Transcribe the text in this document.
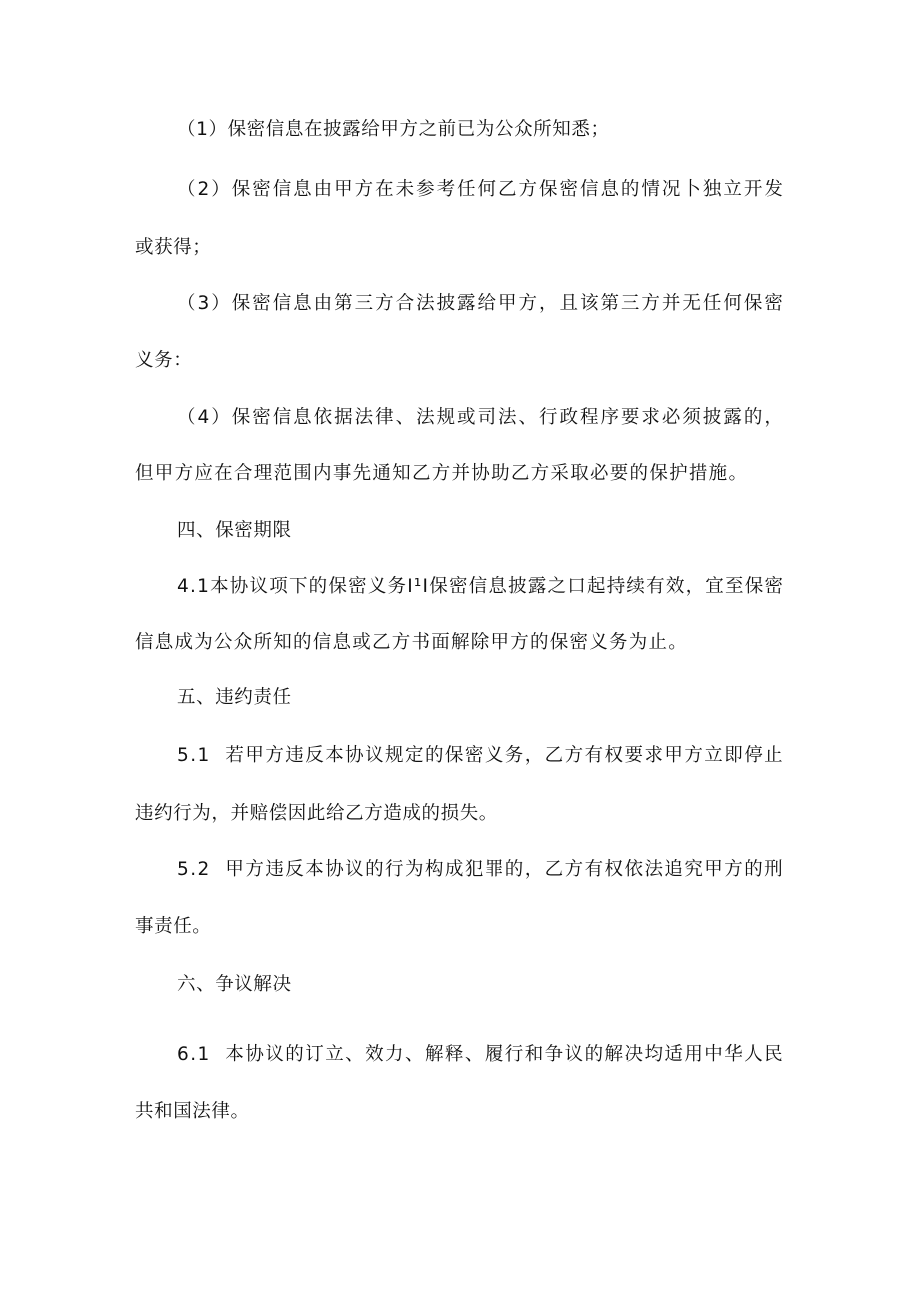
（1）保密信息在披露给甲方之前已为公众所知悉；
（ 2 ） 保 密 信 息 由 甲 方 在 未 参 考 任 何 乙 方 保 密 信 息 的 情 况 卜 独 立 开 发
或获得；
（ 3 ） 保 密 信 息 由 第 三 方 合 法 披 露 给 甲 方 ， 且 该 第 三 方 并 无 任 何 保 密
义务：
（ 4 ） 保 密 信 息 依 据 法 律 、 法 规 或 司 法 、 行 政 程 序 要 求 必 须 披 露 的 ，
但 甲 方 应 在 合 理 范 围 内 事 先 通 知 乙 方 并 协 助 乙 方 采 取 必 要 的 保 护 措 施 。
四、保密期限
4 . 1 本 协 议 项 下 的 保 密 义 务 I ¹ I 保 密 信 息 披 露 之 口 起 持 续 有 效 ， 宜 至 保 密
信 息 成 为 公 众 所 知 的 信 息 或 乙 方 书 面 解 除 甲 方 的 保 密 义 务 为 止 。
五、违约责任
5 . 1

若 甲 方 违 反 本 协 议 规 定 的 保 密 义 务 ， 乙 方 有 权 要 求 甲 方 立 即 停 止
违约行为，并赔偿因此给乙方造成的损失。
5 . 2

甲 方 违 反 本 协 议 的 行 为 构 成 犯 罪 的 ， 乙 方 有 权 依 法 追 究 甲 方 的 刑
事责任。
六、争议解决
6 . 1

本 协 议 的 订 立 、 效 力 、 解 释 、 履 行 和 争 议 的 解 决 均 适 用 中 华 人 民
共和国法律。
